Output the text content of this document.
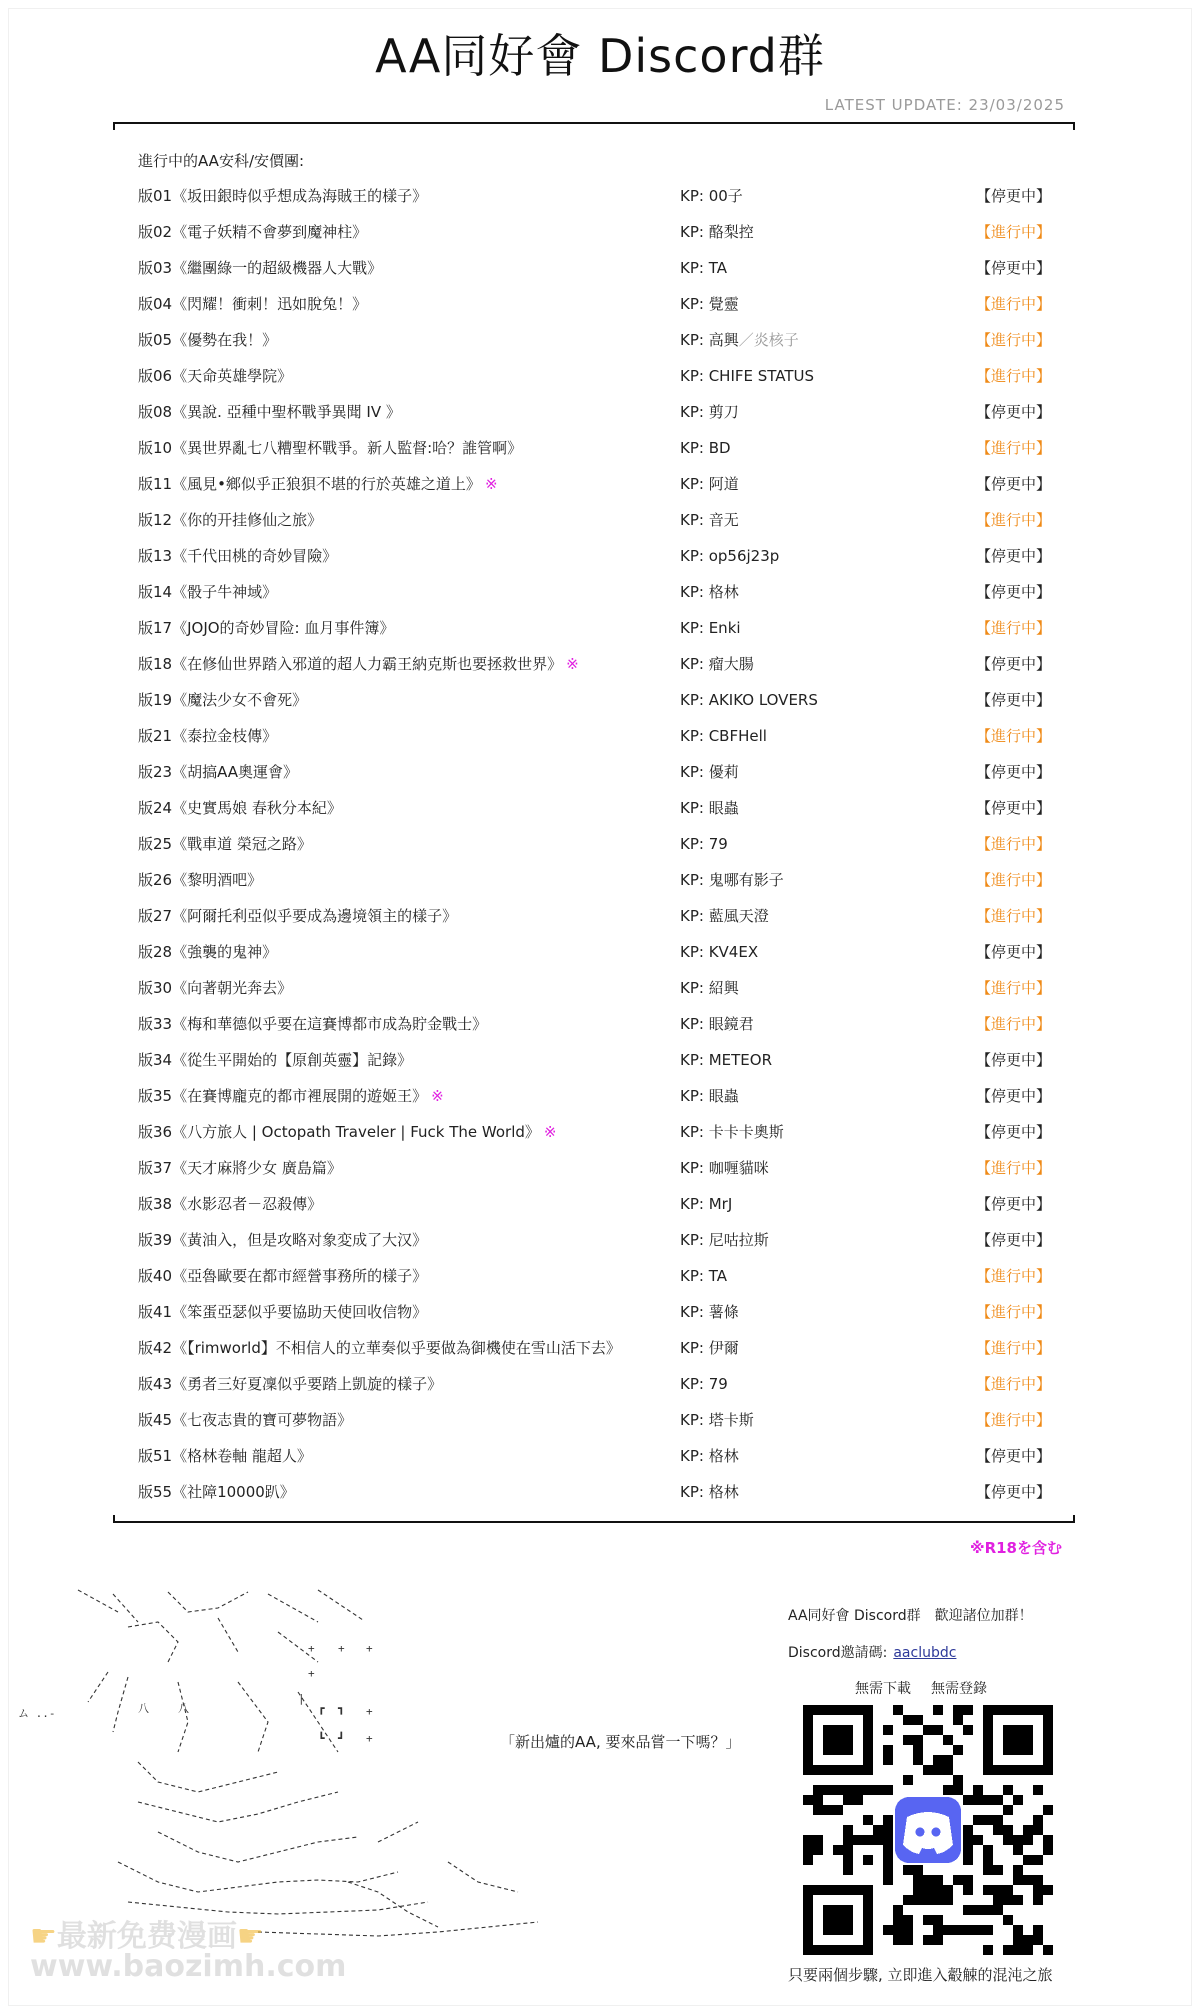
AA同好會 Discord群
LATEST UPDATE: 23/03/2025
進行中的AA安科/安價團:
版01《坂田銀時似乎想成為海賊王的樣子》	KP: 00子	【停更中】
版02《電子妖精不會夢到魔神柱》	KP: 酪梨控	【進行中】
版03《繼團綠一的超級機器人大戰》	KP: TA	【停更中】
版04《閃耀！衝刺！迅如脫兔！》	KP: 覺靈	【進行中】
版05《優勢在我！》	KP: 高興／炎核子	【進行中】
版06《天命英雄學院》	KP: CHIFE STATUS	【進行中】
版08《異說. 亞種中聖杯戰爭異聞 IV 》	KP: 剪刀	【停更中】
版10《異世界亂七八糟聖杯戰爭。新人監督:哈？誰管啊》	KP: BD	【進行中】
版11《風見•鄉似乎正狼狽不堪的行於英雄之道上》 ※	KP: 阿道	【停更中】
版12《你的开挂修仙之旅》	KP: 音无	【進行中】
版13《千代田桃的奇妙冒險》	KP: op56j23p	【停更中】
版14《骰子牛神域》	KP: 格林	【停更中】
版17《JOJO的奇妙冒险: 血月事件簿》	KP: Enki	【進行中】
版18《在修仙世界踏入邪道的超人力霸王納克斯也要拯救世界》 ※	KP: 瘤大腸	【停更中】
版19《魔法少女不會死》	KP: AKIKO LOVERS	【停更中】
版21《泰拉金枝傳》	KP: CBFHell	【進行中】
版23《胡搞AA奧運會》	KP: 優莉	【停更中】
版24《史實馬娘 春秋分本紀》	KP: 眼蟲	【停更中】
版25《戰車道 榮冠之路》	KP: 79	【進行中】
版26《黎明酒吧》	KP: 鬼哪有影子	【進行中】
版27《阿爾托利亞似乎要成為邊境領主的樣子》	KP: 藍風天澄	【進行中】
版28《強襲的鬼神》	KP: KV4EX	【停更中】
版30《向著朝光奔去》	KP: 紹興	【進行中】
版33《梅和華德似乎要在這賽博都市成為貯金戰士》	KP: 眼鏡君	【進行中】
版34《從生平開始的【原創英靈】記錄》	KP: METEOR	【停更中】
版35《在賽博龐克的都市裡展開的遊姬王》 ※	KP: 眼蟲	【停更中】
版36《八方旅人 | Octopath Traveler | Fuck The World》 ※	KP: 卡卡卡奧斯	【停更中】
版37《天才麻將少女 廣島篇》	KP: 咖喱貓咪	【進行中】
版38《水影忍者－忍殺傳》	KP: MrJ	【停更中】
版39《黃油入，但是攻略对象変成了大汉》	KP: 尼咕拉斯	【停更中】
版40《亞魯歐要在都市經營事務所的樣子》	KP: TA	【進行中】
版41《笨蛋亞瑟似乎要協助天使回收信物》	KP: 薯條	【進行中】
版42《【rimworld】不相信人的立華奏似乎要做為御機使在雪山活下去》	KP: 伊爾	【進行中】
版43《勇者三好夏凜似乎要踏上凱旋的樣子》	KP: 79	【進行中】
版45《七夜志貴的寶可夢物語》	KP: 塔卡斯	【進行中】
版51《格林卷軸 龍超人》	KP: 格林	【停更中】
版55《社障10000趴》	KP: 格林	【停更中】
※R18を含む
+ + +
+
+
+
|
┏ ┓
┗ ┛
ム ..-	八	八
「新出爐的AA, 要來品嘗一下嗎？」
AA同好會 Discord群　歡迎諸位加群！
Discord邀請碼: aaclubdc
無需下載 無需登錄
只要兩個步驟, 立即進入觳觫的混沌之旅
☛最新免费漫画☛
www.baozimh.com
